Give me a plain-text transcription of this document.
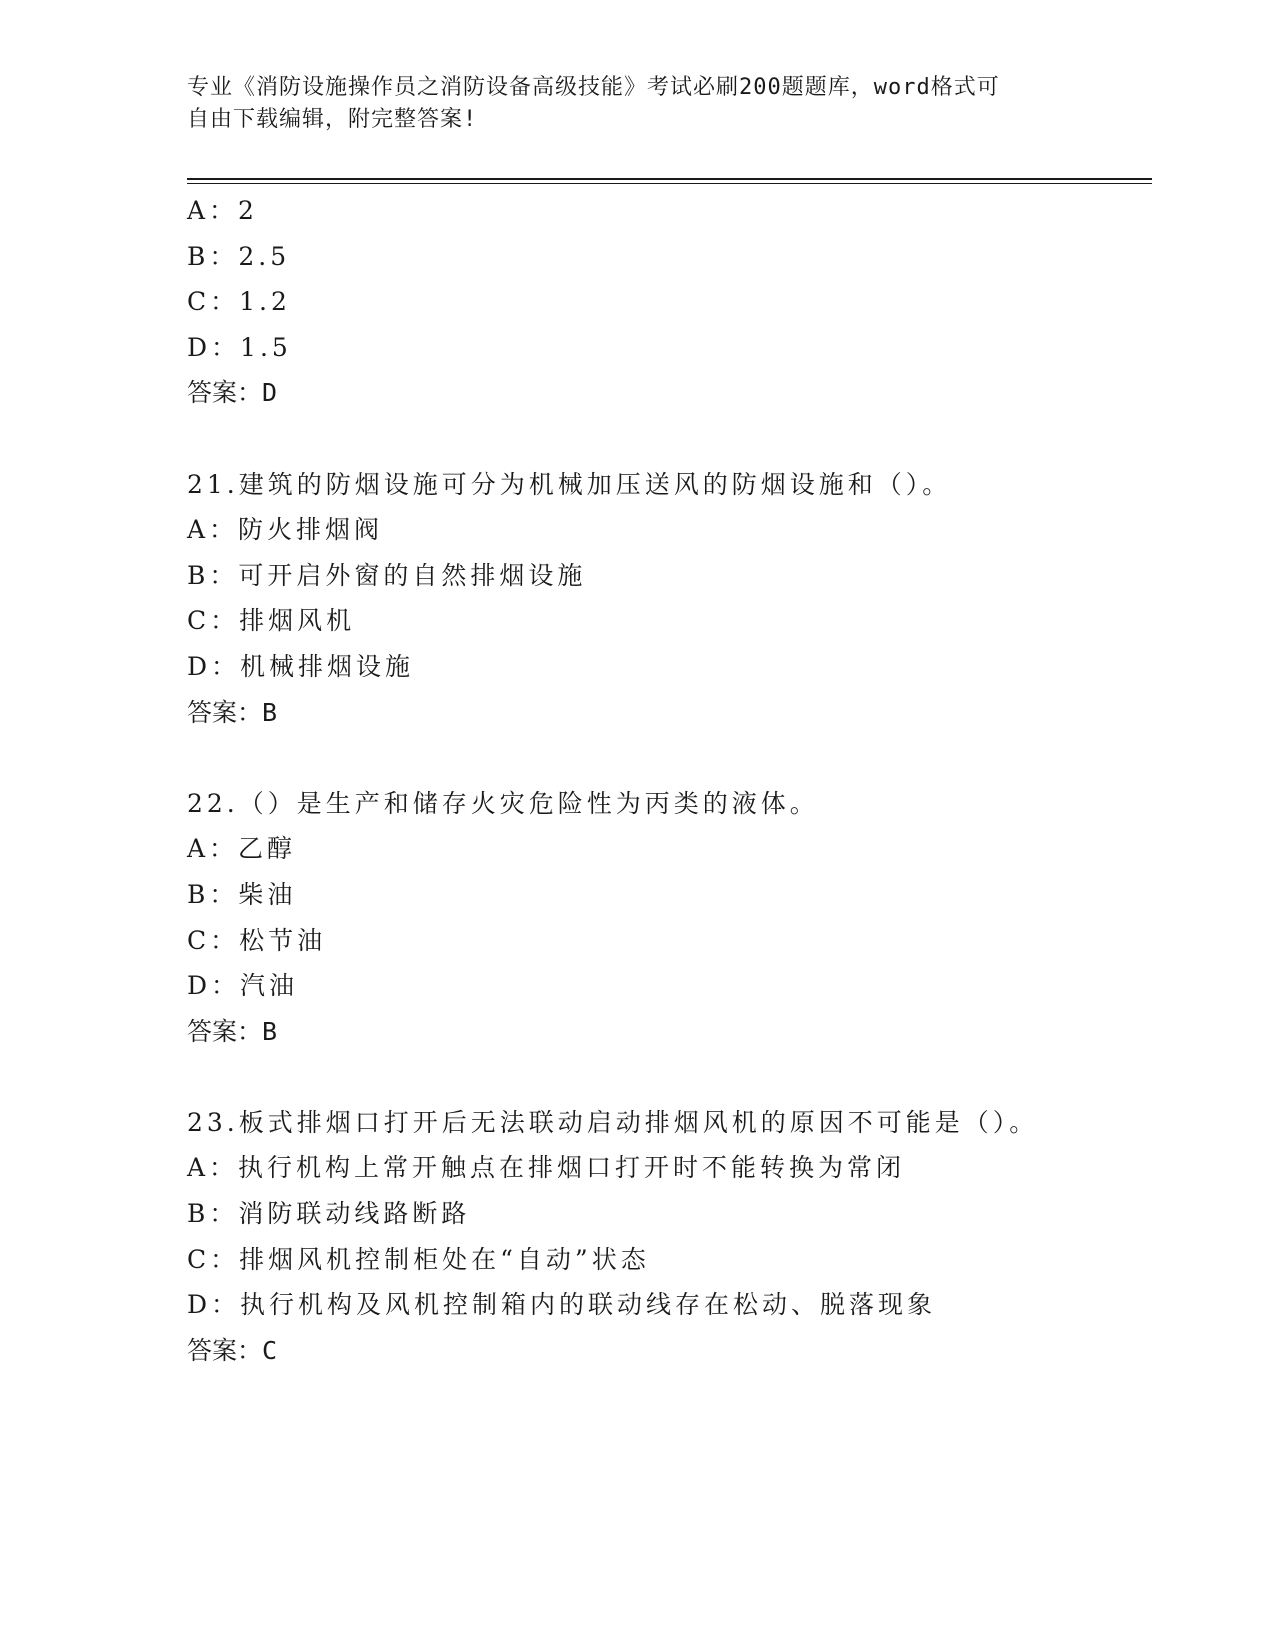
专业《消防设施操作员之消防设备高级技能》考试必刷200题题库，word格式可
自由下载编辑，附完整答案!
A：2
B：2.5
C：1.2
D：1.5
答案：D
21.建筑的防烟设施可分为机械加压送风的防烟设施和（）。
A：防火排烟阀
B：可开启外窗的自然排烟设施
C：排烟风机
D：机械排烟设施
答案：B
22.（）是生产和储存火灾危险性为丙类的液体。
A：乙醇
B：柴油
C：松节油
D：汽油
答案：B
23.板式排烟口打开后无法联动启动排烟风机的原因不可能是（）。
A：执行机构上常开触点在排烟口打开时不能转换为常闭
B：消防联动线路断路
C：排烟风机控制柜处在“自动”状态
D：执行机构及风机控制箱内的联动线存在松动、脱落现象
答案：C
